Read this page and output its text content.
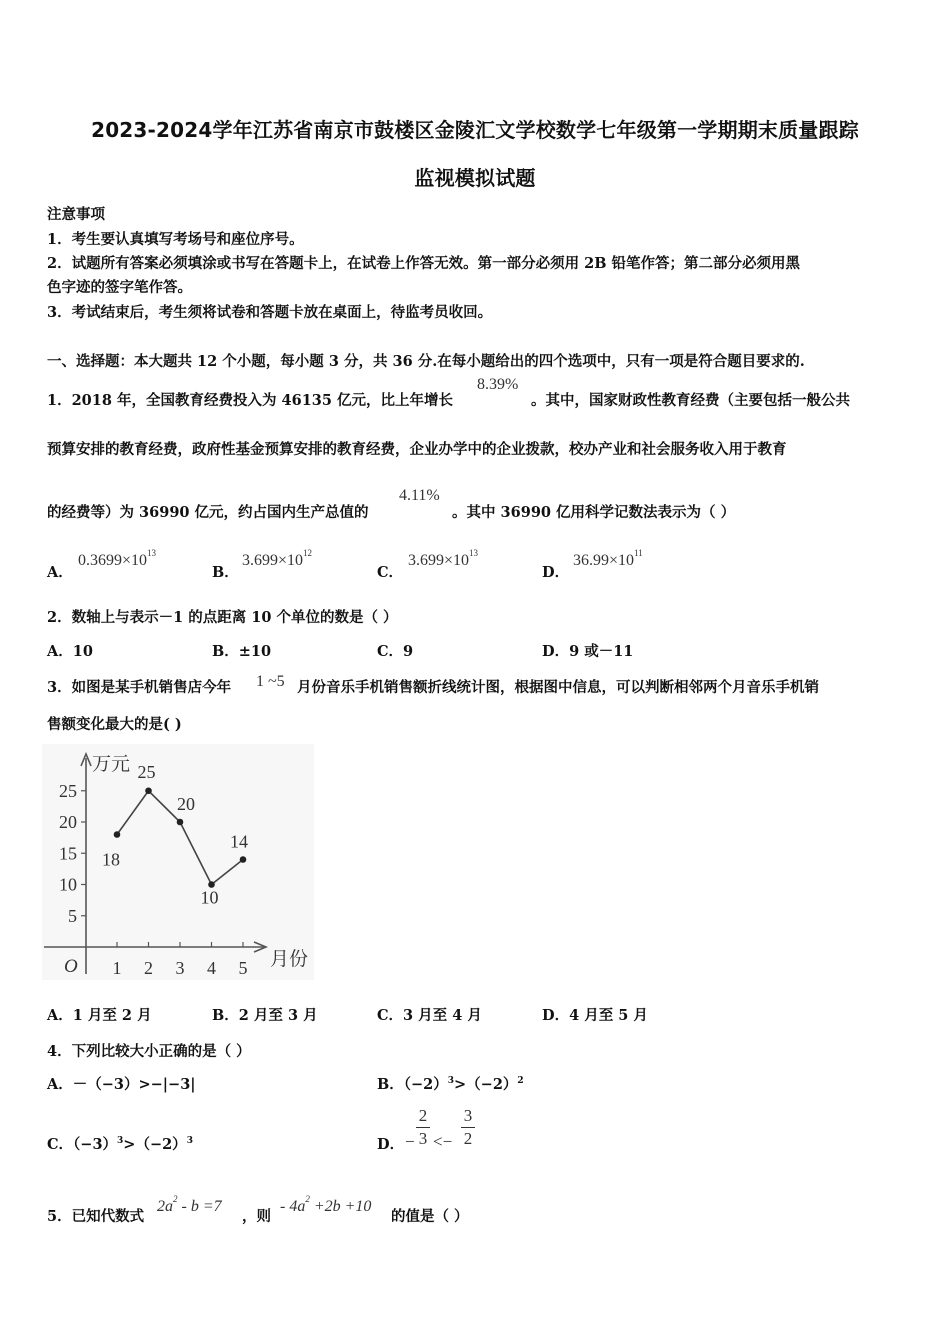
2023-2024学年江苏省南京市鼓楼区金陵汇文学校数学七年级第一学期期末质量跟踪
监视模拟试题
注意事项
1．考生要认真填写考场号和座位序号。
2．试题所有答案必须填涂或书写在答题卡上，在试卷上作答无效。第一部分必须用 2B 铅笔作答；第二部分必须用黑
色字迹的签字笔作答。
3．考试结束后，考生须将试卷和答题卡放在桌面上，待监考员收回。
一、选择题：本大题共 12 个小题，每小题 3 分，共 36 分.在每小题给出的四个选项中，只有一项是符合题目要求的.
1．2018 年，全国教育经费投入为 46135 亿元，比上年增长
8.39%
。其中，国家财政性教育经费（主要包括一般公共
预算安排的教育经费，政府性基金预算安排的教育经费，企业办学中的企业拨款，校办产业和社会服务收入用于教育
的经费等）为 36990 亿元，约占国内生产总值的
4.11%
。其中 36990 亿用科学记数法表示为（ ）
A．
$0.3699\times 10^{13}$
B．
$3.699\times 10^{12}$
C．
$3.699\times 10^{13}$
D．
$36.99\times 10^{11}$
2．数轴上与表示－1 的点距离 10 个单位的数是（ ）
A．10	B．±10	C．9	D．9 或－11
3．如图是某手机销售店今年 1 ~5 月份音乐手机销售额折线统计图，根据图中信息，可以判断相邻两个月音乐手机销
售额变化最大的是( )
万元
月份
O
5
10
15
20
25
1 2 3 4 5
18
25
20
10
14
A．1 月至 2 月	B．2 月至 3 月	C．3 月至 4 月	D．4 月至 5 月
4．下列比较大小正确的是（ ）
A．－（−3）>−|−3|	B．$(-2)^3>(-2)^2$
C．$(-3)^3>(-2)^3$	D． −
2
3 <−
3
2
5．已知代数式
$2a^2 - b =7$
，则
- $4a^2 +2b +10$
的值是（ ）
